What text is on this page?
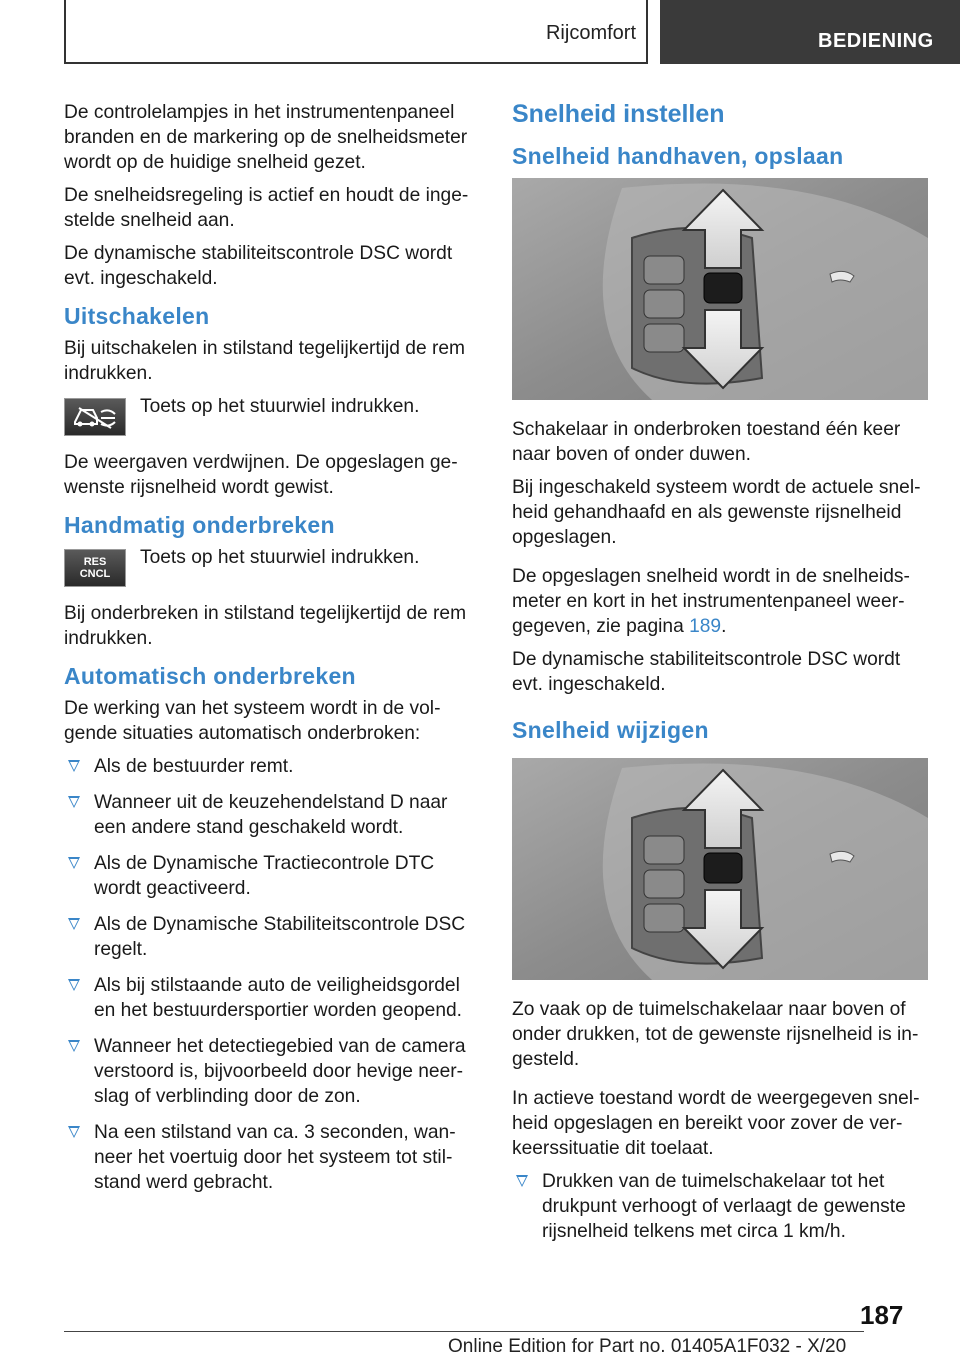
Rijcomfort	BEDIENING

De controlelampjes in het instrumentenpaneel branden en de markering op de snelheidsmeter wordt op de huidige snelheid gezet.

De snelheidsregeling is actief en houdt de ingestelde snelheid aan.

De dynamische stabiliteitscontrole DSC wordt evt. ingeschakeld.

Uitschakelen

Bij uitschakelen in stilstand tegelijkertijd de rem indrukken.

Toets op het stuurwiel indrukken.

De weergaven verdwijnen. De opgeslagen gewenste rijsnelheid wordt gewist.

Handmatig onderbreken
RES
CNCL

Toets op het stuurwiel indrukken.

Bij onderbreken in stilstand tegelijkertijd de rem indrukken.

Automatisch onderbreken

De werking van het systeem wordt in de volgende situaties automatisch onderbroken:

Als de bestuurder remt.
Wanneer uit de keuzehendelstand D naar een andere stand geschakeld wordt.
Als de Dynamische Tractiecontrole DTC wordt geactiveerd.
Als de Dynamische Stabiliteitscontrole DSC regelt.
Als bij stilstaande auto de veiligheidsgordel en het bestuurdersportier worden geopend.
Wanneer het detectiegebied van de camera verstoord is, bijvoorbeeld door hevige neerslag of verblinding door de zon.
Na een stilstand van ca. 3 seconden, wanneer het voertuig door het systeem tot stilstand werd gebracht.
Snelheid instellen
Snelheid handhaven, opslaan

Schakelaar in onderbroken toestand één keer naar boven of onder duwen.

Bij ingeschakeld systeem wordt de actuele snelheid gehandhaafd en als gewenste rijsnelheid opgeslagen.

De opgeslagen snelheid wordt in de snelheidsmeter en kort in het instrumentenpaneel weergegeven, zie pagina 189.

De dynamische stabiliteitscontrole DSC wordt evt. ingeschakeld.

Snelheid wijzigen

Zo vaak op de tuimelschakelaar naar boven of onder drukken, tot de gewenste rijsnelheid is ingesteld.

In actieve toestand wordt de weergegeven snelheid opgeslagen en bereikt voor zover de verkeerssituatie dit toelaat.

Drukken van de tuimelschakelaar tot het drukpunt verhoogt of verlaagt de gewenste rijsnelheid telkens met circa 1 km/h.
187
Online Edition for Part no. 01405A1F032 - X/20
